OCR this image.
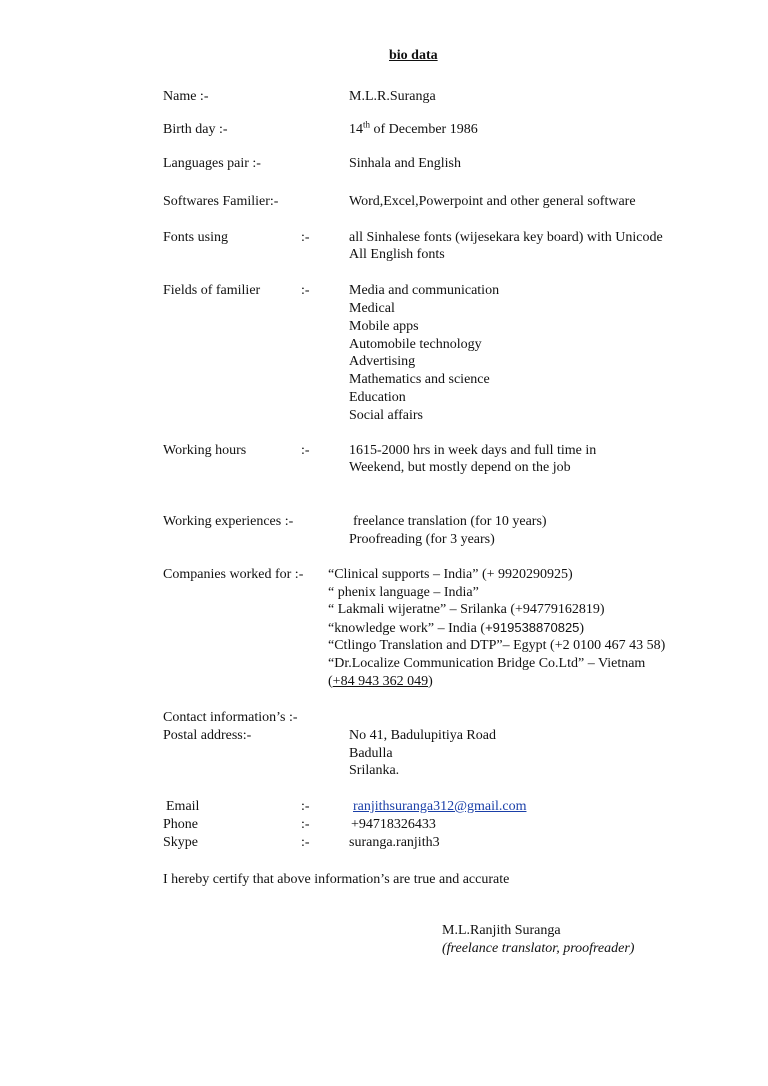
bio data
Name :-	M.L.R.Suranga
Birth day :-	14th of December 1986
Languages pair :-	Sinhala and English
Softwares Familier:-	Word,Excel,Powerpoint and other general software
Fonts using	:-	all Sinhalese fonts (wijesekara key board) with Unicode
All English fonts
Fields of familier	:-	Media and communication
Medical
Mobile apps
Automobile technology
Advertising
Mathematics and science
Education
Social affairs
Working hours	:-	1615-2000 hrs in week days and full time in
Weekend, but mostly depend on the job
Working experiences :-	freelance translation (for 10 years)
Proofreading (for 3 years)
Companies worked for :- “Clinical supports – India” (+ 9920290925)
“ phenix language – India”
“ Lakmali wijeratne” – Srilanka (+94779162819)
“knowledge work” – India (+919538870825)
“Ctlingo Translation and DTP”– Egypt (+2 0100 467 43 58)
“Dr.Localize Communication Bridge Co.Ltd” – Vietnam
(+84 943 362 049)
Contact information’s :-
Postal address:-	No 41, Badulupitiya Road
Badulla
Srilanka.
Email	:-	ranjithsuranga312@gmail.com
Phone	:-	+94718326433
Skype	:-	suranga.ranjith3
I hereby certify that above information’s are true and accurate
M.L.Ranjith Suranga
(freelance translator, proofreader)
